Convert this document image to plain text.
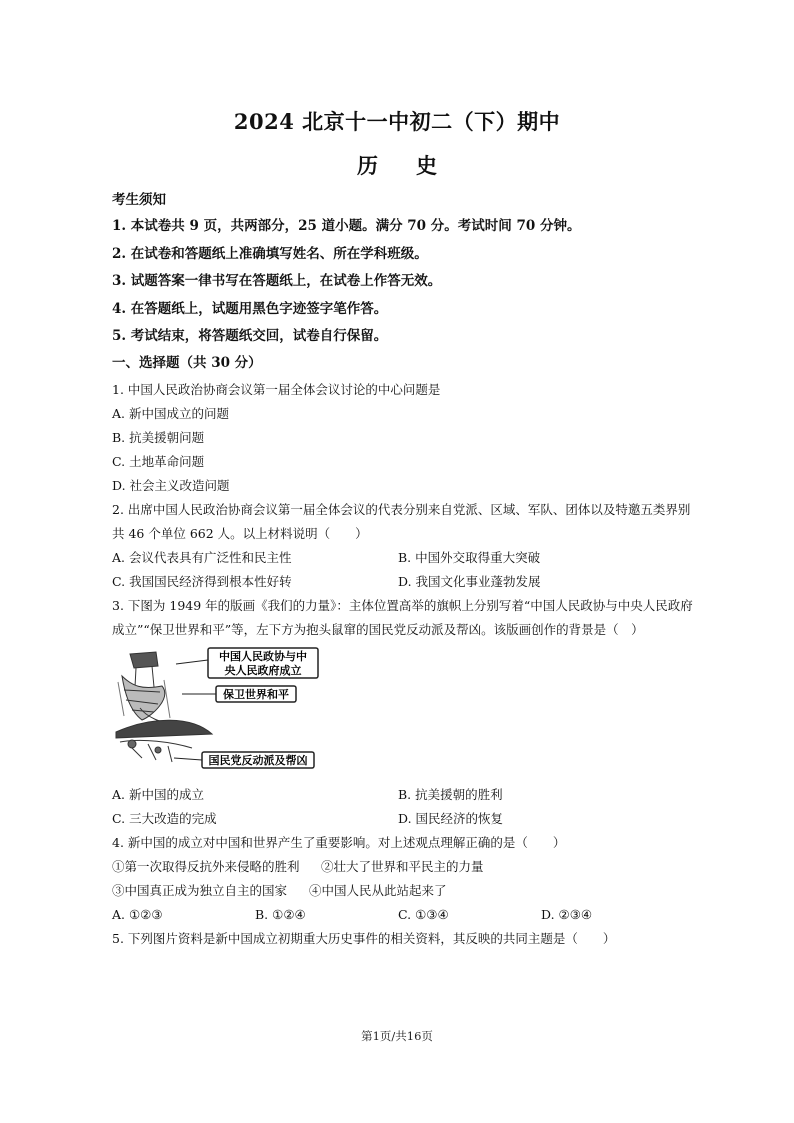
2024 北京十一中初二（下）期中
历 史
考生须知
1. 本试卷共 9 页，共两部分，25 道小题。满分 70 分。考试时间 70 分钟。
2. 在试卷和答题纸上准确填写姓名、所在学科班级。
3. 试题答案一律书写在答题纸上，在试卷上作答无效。
4. 在答题纸上，试题用黑色字迹签字笔作答。
5. 考试结束，将答题纸交回，试卷自行保留。
一、选择题（共 30 分）
1. 中国人民政治协商会议第一届全体会议讨论的中心问题是
A. 新中国成立的问题
B. 抗美援朝问题
C. 土地革命问题
D. 社会主义改造问题
2. 出席中国人民政治协商会议第一届全体会议的代表分别来自党派、区域、军队、团体以及特邀五类界别
共 46 个单位 662 人。以上材料说明（　　）
A. 会议代表具有广泛性和民主性	B. 中国外交取得重大突破
C. 我国国民经济得到根本性好转	D. 我国文化事业蓬勃发展
3. 下图为 1949 年的版画《我们的力量》：主体位置高举的旗帜上分别写着“中国人民政协与中央人民政府
成立”“保卫世界和平”等，左下方为抱头鼠窜的国民党反动派及帮凶。该版画创作的背景是（　）
中国人民政协与中
央人民政府成立
保卫世界和平
国民党反动派及帮凶
A. 新中国的成立	B. 抗美援朝的胜利
C. 三大改造的完成	D. 国民经济的恢复
4. 新中国的成立对中国和世界产生了重要影响。对上述观点理解正确的是（　　）
①第一次取得反抗外来侵略的胜利 ②壮大了世界和平民主的力量
③中国真正成为独立自主的国家 ④中国人民从此站起来了
A. ①②③	B. ①②④	C. ①③④	D. ②③④
5. 下列图片资料是新中国成立初期重大历史事件的相关资料，其反映的共同主题是（　　）
第1页/共16页
